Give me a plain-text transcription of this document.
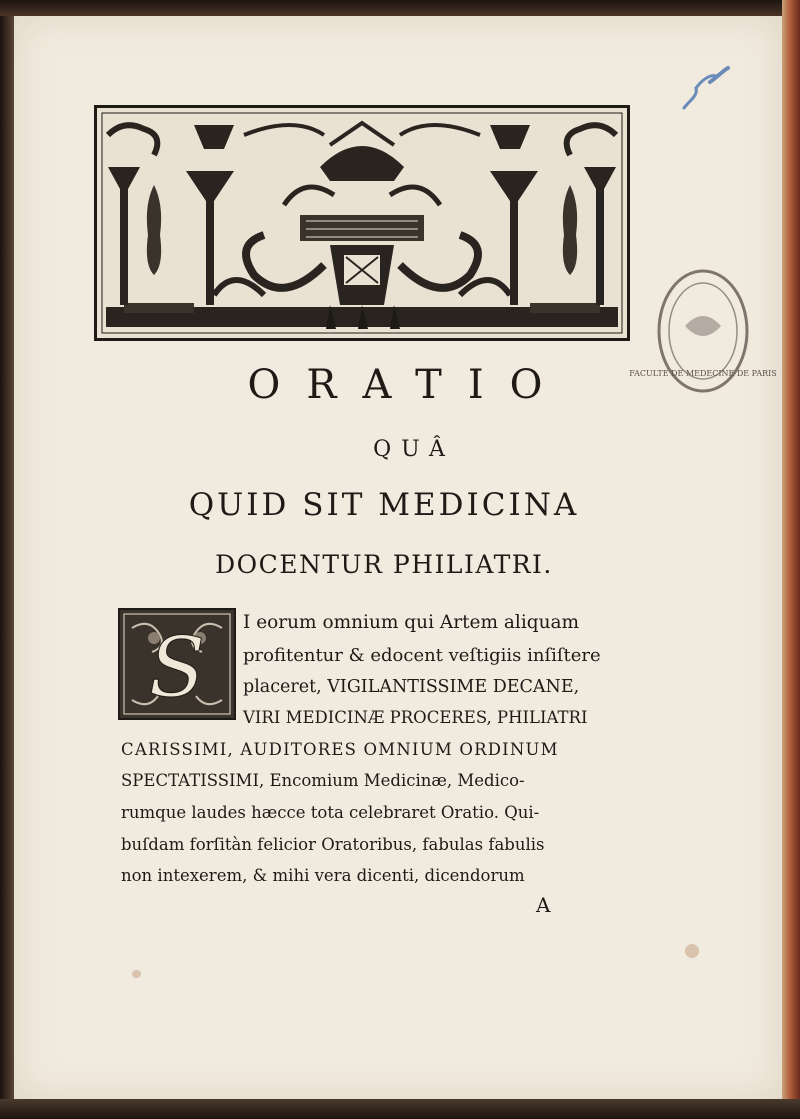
FACULTE DE MEDECINE DE PARIS
ORATIO
QUÂ
QUID SIT MEDICINA
DOCENTUR PHILIATRI.
S I eorum omnium qui Artem aliquam
profitentur & edocent veſtigiis inſiſtere
placeret, VIGILANTISSIME DECANE,
VIRI MEDICINÆ PROCERES, PHILIATRI
CARISSIMI, AUDITORES OMNIUM ORDINUM
SPECTATISSIMI, Encomium Medicinæ, Medico-
rumque laudes hæcce tota celebraret Oratio. Qui-
buſdam forſitàn felicior Oratoribus, fabulas fabulis
non intexerem, & mihi vera dicenti, dicendorum
A
